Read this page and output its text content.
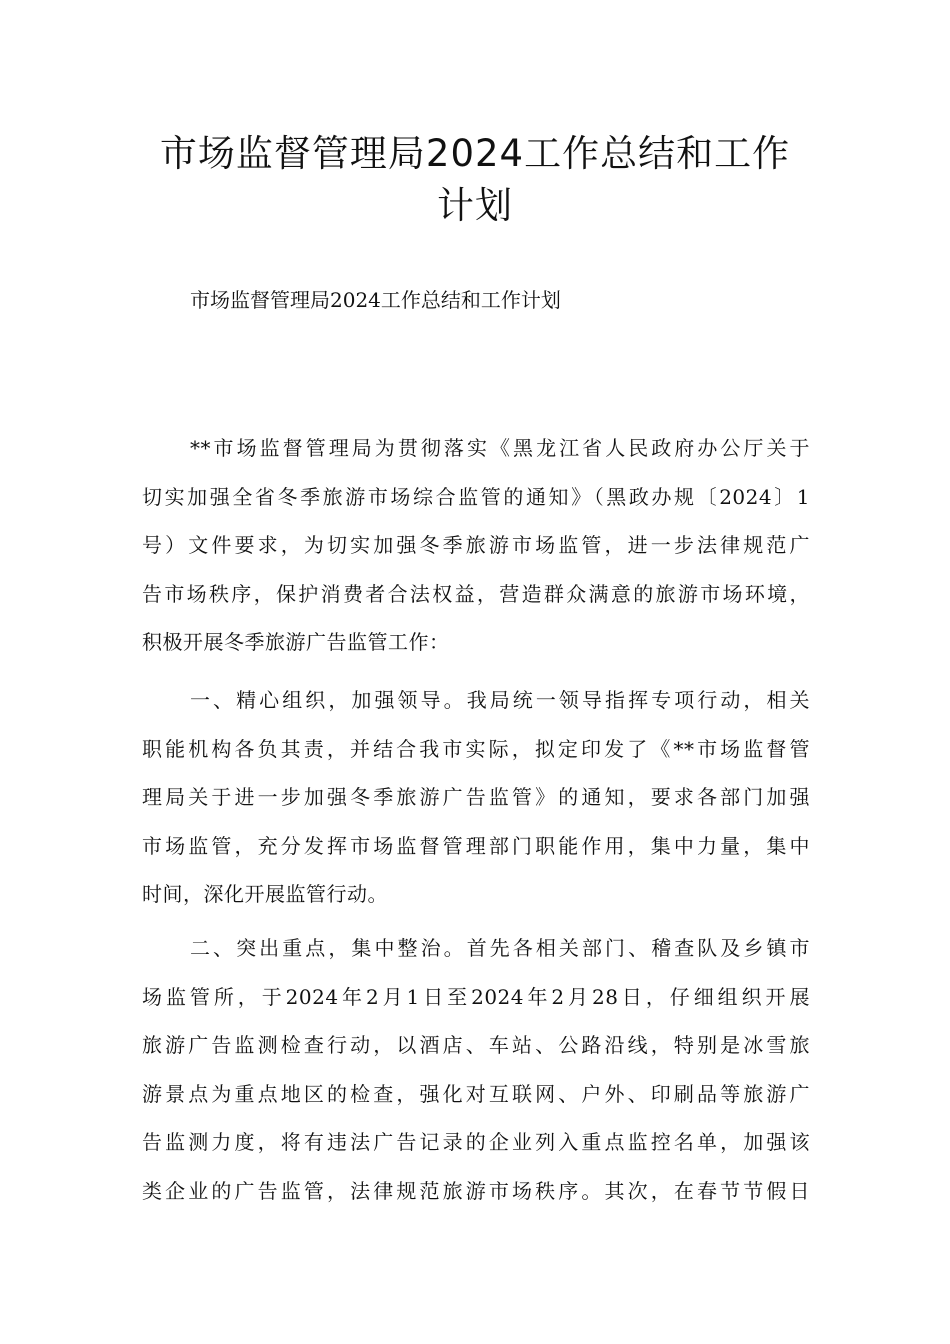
市场监督管理局2024工作总结和工作
计划

市场监督管理局2024工作总结和工作计划

**市场监督管理局为贯彻落实《黑龙江省人民政府办公厅关于
切实加强全省冬季旅游市场综合监管的通知》（黑政办规〔2024〕1
号）文件要求，为切实加强冬季旅游市场监管，进一步法律规范广
告市场秩序，保护消费者合法权益，营造群众满意的旅游市场环境，
积极开展冬季旅游广告监管工作：
一、精心组织，加强领导。我局统一领导指挥专项行动，相关
职能机构各负其责，并结合我市实际，拟定印发了《**市场监督管
理局关于进一步加强冬季旅游广告监管》的通知，要求各部门加强
市场监管，充分发挥市场监督管理部门职能作用，集中力量，集中
时间，深化开展监管行动。
二、突出重点，集中整治。首先各相关部门、稽查队及乡镇市
场监管所，于2024年2月1日至2024年2月28日，仔细组织开展
旅游广告监测检查行动，以酒店、车站、公路沿线，特别是冰雪旅
游景点为重点地区的检查，强化对互联网、户外、印刷品等旅游广
告监测力度，将有违法广告记录的企业列入重点监控名单，加强该
类企业的广告监管，法律规范旅游市场秩序。其次，在春节节假日
